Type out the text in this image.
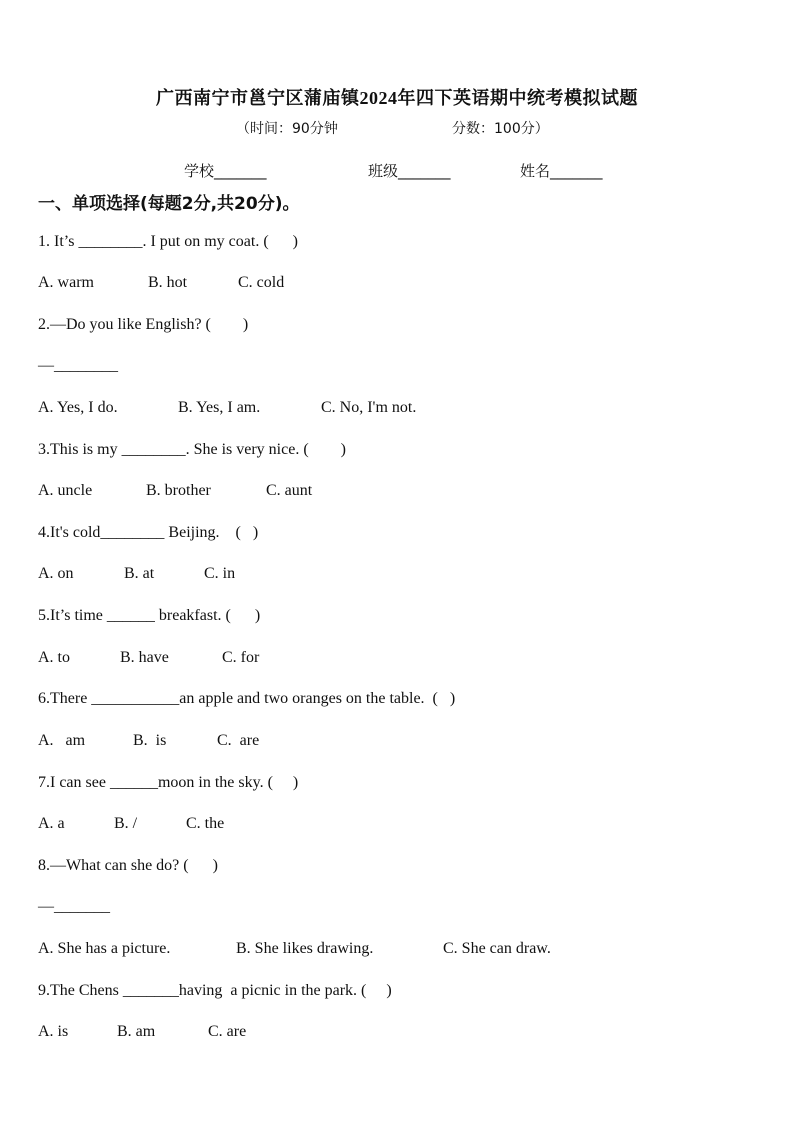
广西南宁市邕宁区蒲庙镇2024年四下英语期中统考模拟试题
（时间：90分钟	分数：100分）
学校_______	班级_______	姓名_______
一、单项选择(每题2分,共20分)。
1. It’s ________. I put on my coat. (      )
A. warm	B. hot	C. cold
2.—Do you like English? (        )
—________
A. Yes, I do.	B. Yes, I am.	C. No, I'm not.
3.This is my ________. She is very nice. (        )
A. uncle	B. brother	C. aunt
4.It's cold________ Beijing.    (   )
A. on	B. at	C. in
5.It’s time ______ breakfast. (      )
A. to	B. have	C. for
6.There ___________an apple and two oranges on the table.  (   )
A.   am	B.  is	C.  are
7.I can see ______moon in the sky. (     )
A. a	B. /	C. the
8.—What can she do? (      )
—_______
A. She has a picture.	B. She likes drawing.	C. She can draw.
9.The Chens _______having  a picnic in the park. (     )
A. is	B. am	C. are
